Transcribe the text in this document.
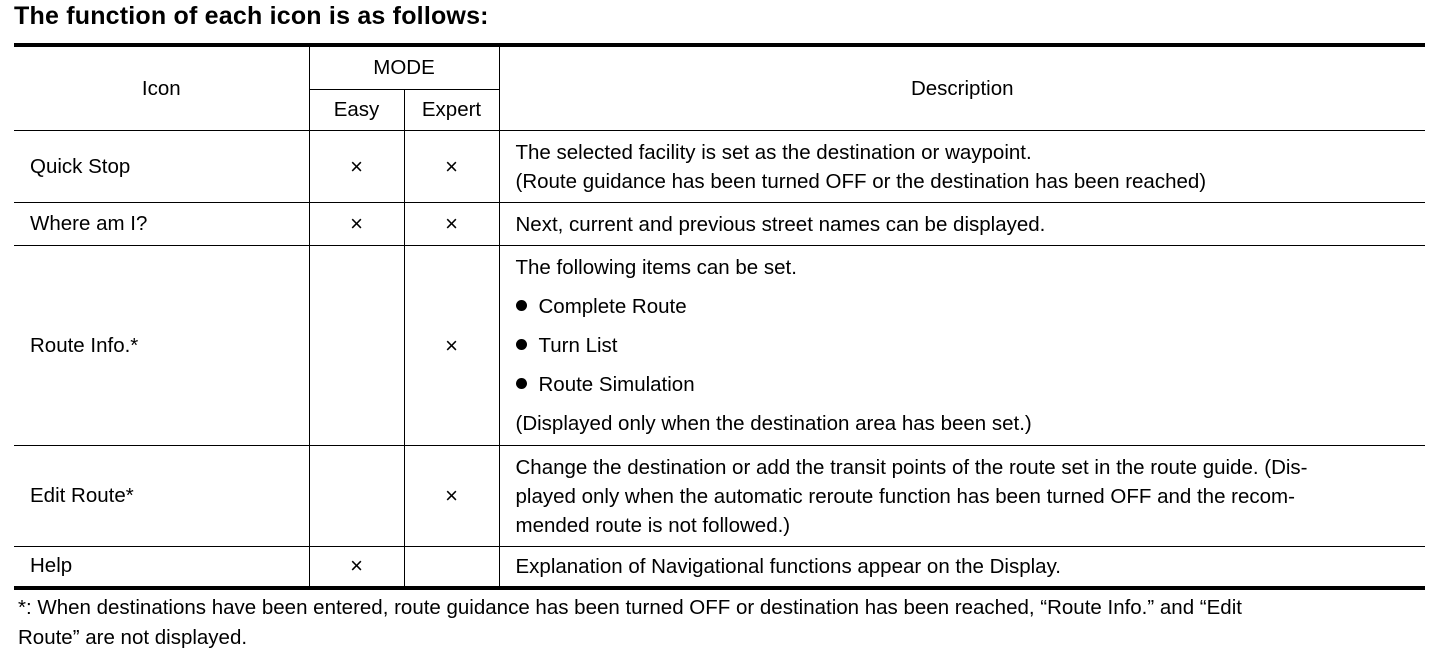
The function of each icon is as follows:
Icon	MODE		Description
	Easy	Expert	
Quick Stop	×	×	The selected facility is set as the destination or waypoint.
(Route guidance has been turned OFF or the destination has been reached)

Where am I?	×	×	Next, current and previous street names can be displayed.

Route Info.*		×	The following items can be set.
Complete Route
Turn List
Route Simulation
(Displayed only when the destination area has been set.)

Edit Route*		×	Change the destination or add the transit points of the route set in the route guide. (Dis-
played only when the automatic reroute function has been turned OFF and the recom-
mended route is not followed.)

Help	×		Explanation of Navigational functions appear on the Display.
*: When destinations have been entered, route guidance has been turned OFF or destination has been reached, “Route Info.” and “Edit
Route” are not displayed.
